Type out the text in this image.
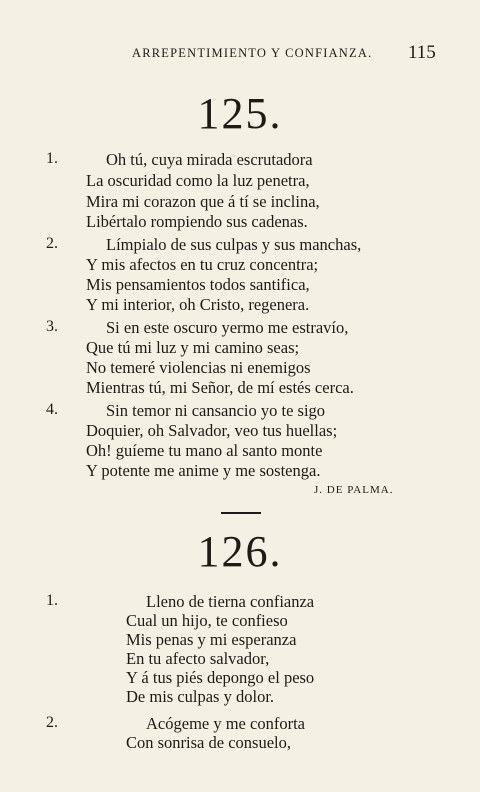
ARREPENTIMIENTO Y CONFIANZA. 115
125.
1.	Oh tú, cuya mirada escrutadora
La oscuridad como la luz penetra,
Mira mi corazon que á tí se inclina,
Libértalo rompiendo sus cadenas.
2.	Límpialo de sus culpas y sus manchas,
Y mis afectos en tu cruz concentra;
Mis pensamientos todos santifica,
Y mi interior, oh Cristo, regenera.
3.	Si en este oscuro yermo me estravío,
Que tú mi luz y mi camino seas;
No temeré violencias ni enemigos
Mientras tú, mi Señor, de mí estés cerca.
4.	Sin temor ni cansancio yo te sigo
Doquier, oh Salvador, veo tus huellas;
Oh! guíeme tu mano al santo monte
Y potente me anime y me sostenga.
J. DE PALMA.
126.
1.	Lleno de tierna confianza
Cual un hijo, te confieso
Mis penas y mi esperanza
En tu afecto salvador,
Y á tus piés depongo el peso
De mis culpas y dolor.
2.	Acógeme y me conforta
Con sonrisa de consuelo,
